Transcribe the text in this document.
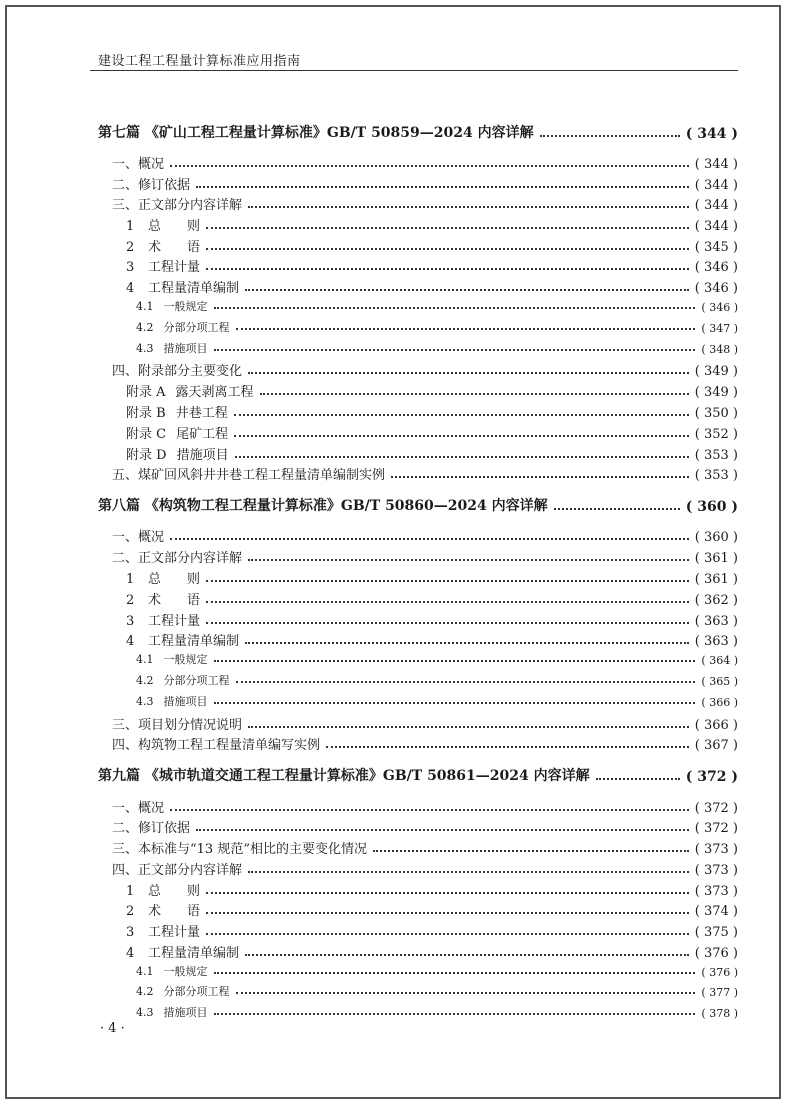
建设工程工程量计算标准应用指南
第七篇 《矿山工程工程量计算标准》GB/T 50859—2024 内容详解	( 344 )
一、概况	( 344 )
二、修订依据	( 344 )
三、正文部分内容详解	( 344 )
1 总　　则	( 344 )
2 术　　语	( 345 )
3 工程计量	( 346 )
4 工程量清单编制	( 346 )
4.1 一般规定	( 346 )
4.2 分部分项工程	( 347 )
4.3 措施项目	( 348 )
四、附录部分主要变化	( 349 )
附录 A 露天剥离工程	( 349 )
附录 B 井巷工程	( 350 )
附录 C 尾矿工程	( 352 )
附录 D 措施项目	( 353 )
五、煤矿回风斜井井巷工程工程量清单编制实例	( 353 )
第八篇 《构筑物工程工程量计算标准》GB/T 50860—2024 内容详解	( 360 )
一、概况	( 360 )
二、正文部分内容详解	( 361 )
1 总　　则	( 361 )
2 术　　语	( 362 )
3 工程计量	( 363 )
4 工程量清单编制	( 363 )
4.1 一般规定	( 364 )
4.2 分部分项工程	( 365 )
4.3 措施项目	( 366 )
三、项目划分情况说明	( 366 )
四、构筑物工程工程量清单编写实例	( 367 )
第九篇 《城市轨道交通工程工程量计算标准》GB/T 50861—2024 内容详解	( 372 )
一、概况	( 372 )
二、修订依据	( 372 )
三、本标准与“13 规范”相比的主要变化情况	( 373 )
四、正文部分内容详解	( 373 )
1 总　　则	( 373 )
2 术　　语	( 374 )
3 工程计量	( 375 )
4 工程量清单编制	( 376 )
4.1 一般规定	( 376 )
4.2 分部分项工程	( 377 )
4.3 措施项目	( 378 )
· 4 ·
